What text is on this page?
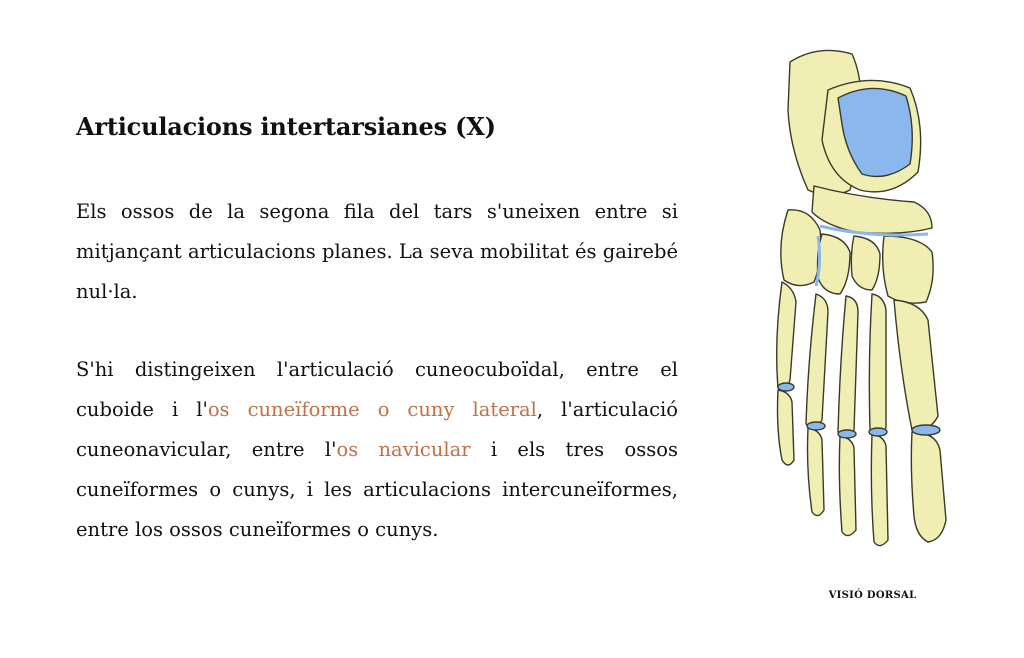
Articulacions intertarsianes (X)

Els ossos de la segona fila del tars s'uneixen entre si mitjançant articulacions planes. La seva mobilitat és gairebé nul·la.

S'hi distingeixen l'articulació cuneocuboïdal, entre el cuboide i l'os cuneïforme o cuny lateral, l'articulació cuneonavicular, entre l'os navicular i els tres ossos cuneïformes o cunys, i les articulacions intercuneïformes, entre los ossos cuneïformes o cunys.

VISIÓ DORSAL
